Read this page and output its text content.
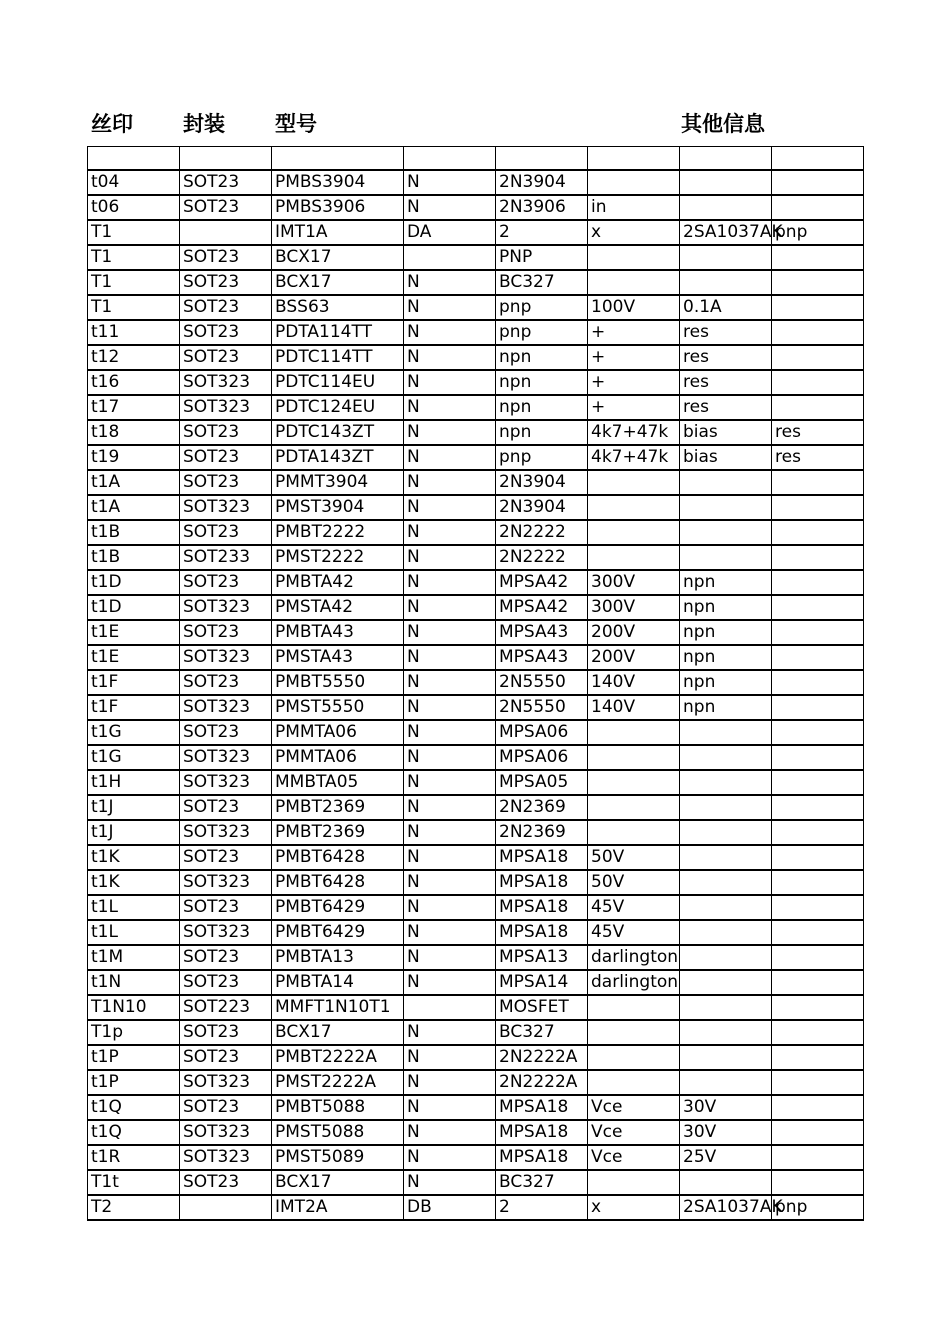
丝印 封装 型号	其他信息

t04	SOT23	PMBS3904	N	2N3904			
t06	SOT23	PMBS3906	N	2N3906	in		
T1		IMT1A	DA	2	x	2SA1037AK	pnp
T1	SOT23	BCX17		PNP			
T1	SOT23	BCX17	N	BC327			
T1	SOT23	BSS63	N	pnp	100V	0.1A	
t11	SOT23	PDTA114TT	N	pnp	+	res	
t12	SOT23	PDTC114TT	N	npn	+	res	
t16	SOT323	PDTC114EU	N	npn	+	res	
t17	SOT323	PDTC124EU	N	npn	+	res	
t18	SOT23	PDTC143ZT	N	npn	4k7+47k	bias	res
t19	SOT23	PDTA143ZT	N	pnp	4k7+47k	bias	res
t1A	SOT23	PMMT3904	N	2N3904			
t1A	SOT323	PMST3904	N	2N3904			
t1B	SOT23	PMBT2222	N	2N2222			
t1B	SOT233	PMST2222	N	2N2222			
t1D	SOT23	PMBTA42	N	MPSA42	300V	npn	
t1D	SOT323	PMSTA42	N	MPSA42	300V	npn	
t1E	SOT23	PMBTA43	N	MPSA43	200V	npn	
t1E	SOT323	PMSTA43	N	MPSA43	200V	npn	
t1F	SOT23	PMBT5550	N	2N5550	140V	npn	
t1F	SOT323	PMST5550	N	2N5550	140V	npn	
t1G	SOT23	PMMTA06	N	MPSA06			
t1G	SOT323	PMMTA06	N	MPSA06			
t1H	SOT323	MMBTA05	N	MPSA05			
t1J	SOT23	PMBT2369	N	2N2369			
t1J	SOT323	PMBT2369	N	2N2369			
t1K	SOT23	PMBT6428	N	MPSA18	50V		
t1K	SOT323	PMBT6428	N	MPSA18	50V		
t1L	SOT23	PMBT6429	N	MPSA18	45V		
t1L	SOT323	PMBT6429	N	MPSA18	45V		
t1M	SOT23	PMBTA13	N	MPSA13	darlington		
t1N	SOT23	PMBTA14	N	MPSA14	darlington		
T1N10	SOT223	MMFT1N10T1		MOSFET			
T1p	SOT23	BCX17	N	BC327			
t1P	SOT23	PMBT2222A	N	2N2222A			
t1P	SOT323	PMST2222A	N	2N2222A			
t1Q	SOT23	PMBT5088	N	MPSA18	Vce	30V	
t1Q	SOT323	PMST5088	N	MPSA18	Vce	30V	
t1R	SOT323	PMST5089	N	MPSA18	Vce	25V	
T1t	SOT23	BCX17	N	BC327			
T2		IMT2A	DB	2	x	2SA1037AK	pnp
